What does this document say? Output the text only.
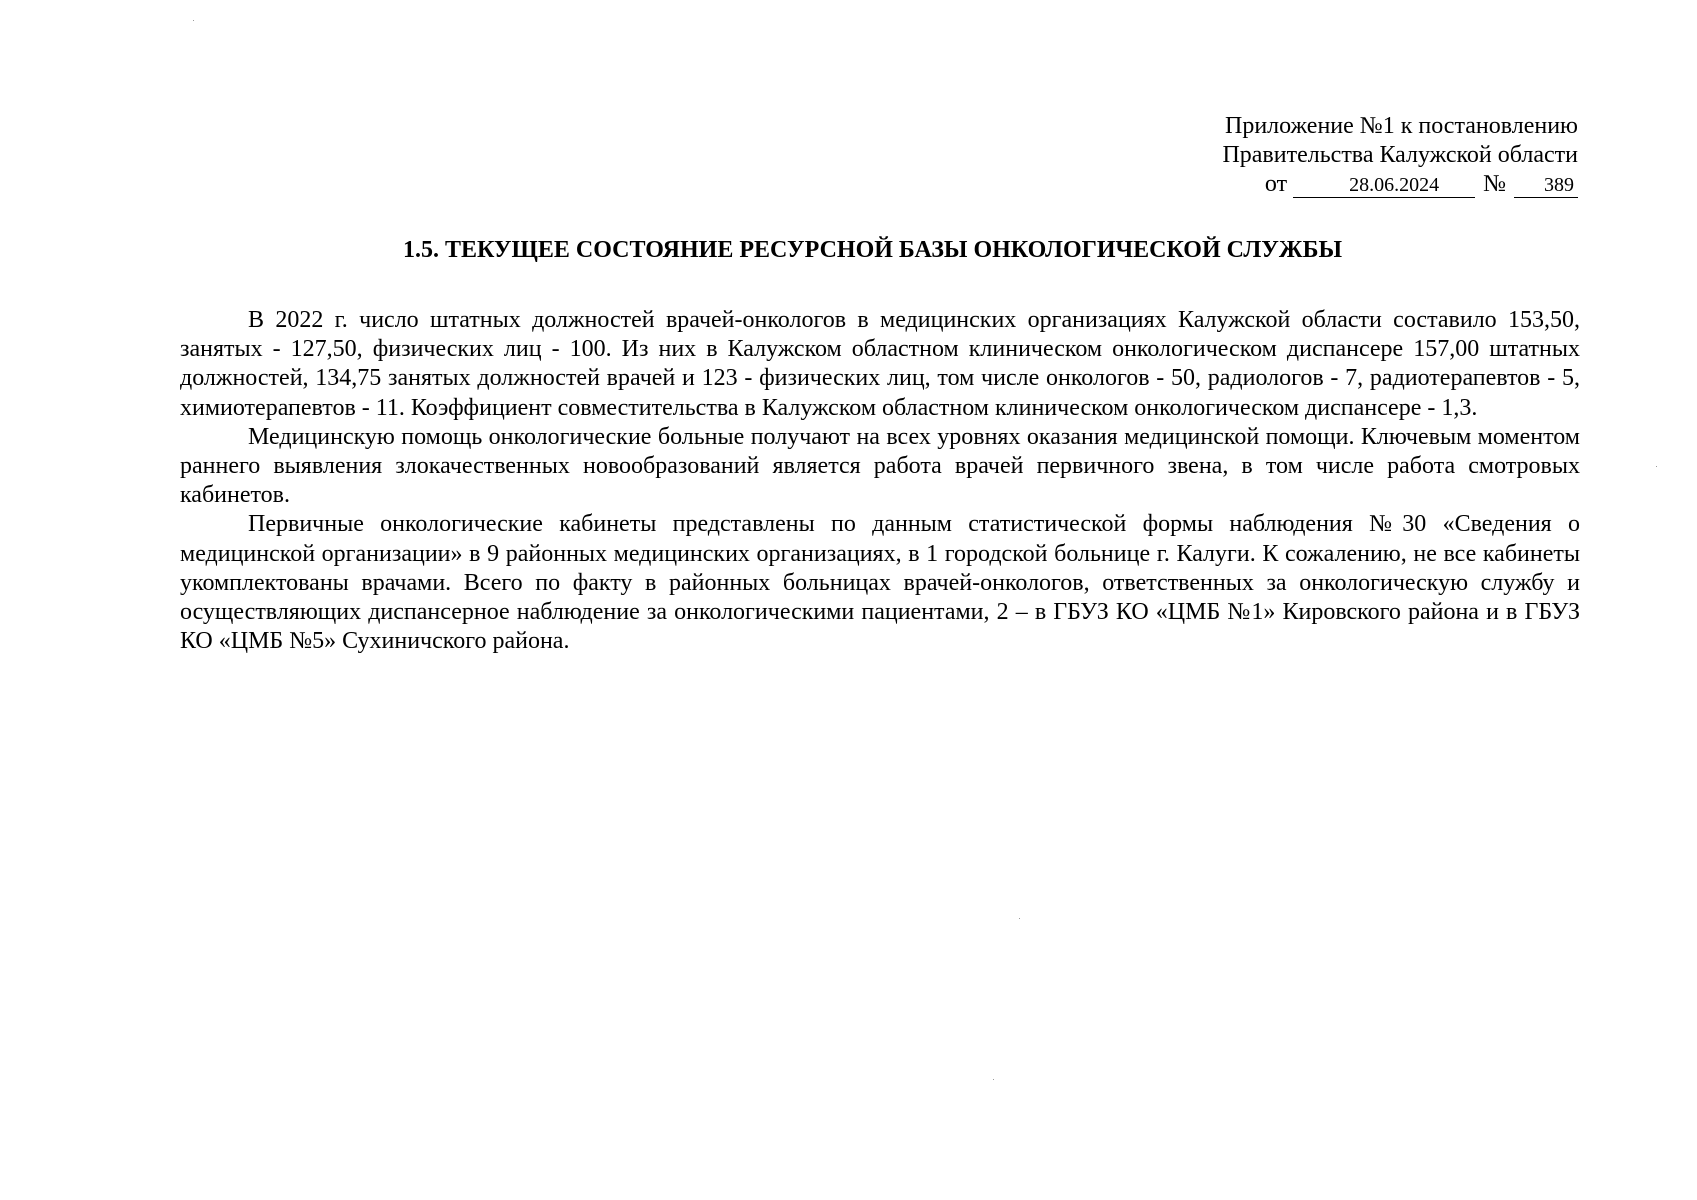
Приложение №1 к постановлению
Правительства Калужской области
от	28.06.2024 № 389
1.5. ТЕКУЩЕЕ СОСТОЯНИЕ РЕСУРСНОЙ БАЗЫ ОНКОЛОГИЧЕСКОЙ СЛУЖБЫ

В 2022 г. число штатных должностей врачей-онкологов в медицинских организациях Калужской области составило 153,50, занятых - 127,50, физических лиц - 100. Из них в Калужском областном клиническом онкологическом диспансере 157,00 штатных должностей, 134,75 занятых должностей врачей и 123 - физических лиц, том числе онкологов - 50, радиологов - 7, радиотерапевтов - 5, химиотерапевтов - 11. Коэффициент совместительства в Калужском областном клиническом онкологическом диспансере - 1,3.

Медицинскую помощь онкологические больные получают на всех уровнях оказания медицинской помощи. Ключевым моментом раннего выявления злокачественных новообразований является работа врачей первичного звена, в том числе работа смотровых кабинетов.

Первичные онкологические кабинеты представлены по данным статистической формы наблюдения №30 «Сведения о медицинской организации» в 9 районных медицинских организациях, в 1 городской больнице г. Калуги. К сожалению, не все кабинеты укомплектованы врачами. Всего по факту в районных больницах врачей-онкологов, ответственных за онкологическую службу и осуществляющих диспансерное наблюдение за онкологическими пациентами, 2 – в ГБУЗ КО «ЦМБ №1» Кировского района и в ГБУЗ КО «ЦМБ №5» Сухиничского района.
